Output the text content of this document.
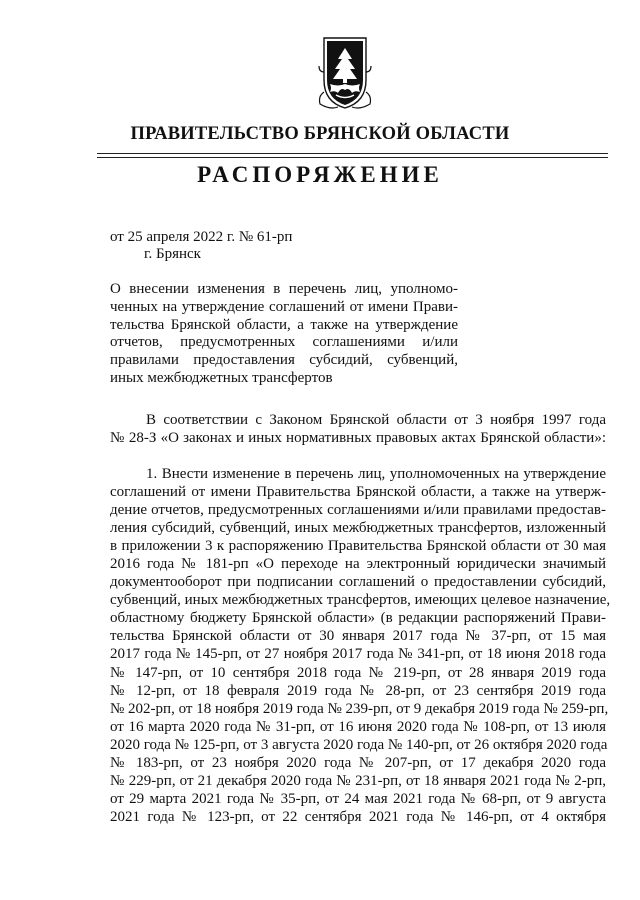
ПРАВИТЕЛЬСТВО БРЯНСКОЙ ОБЛАСТИ
РАСПОРЯЖЕНИЕ
от 25 апреля 2022 г. № 61-рп
г. Брянск
О внесении изменения в перечень лиц, уполномо-
ченных на утверждение соглашений от имени Прави-
тельства Брянской области, а также на утверждение
отчетов, предусмотренных соглашениями и/или
правилами предоставления субсидий, субвенций,
иных межбюджетных трансфертов
В соответствии с Законом Брянской области от 3 ноября 1997 года
№ 28-З «О законах и иных нормативных правовых актах Брянской области»:
1. Внести изменение в перечень лиц, уполномоченных на утверждение
соглашений от имени Правительства Брянской области, а также на утверж-
дение отчетов, предусмотренных соглашениями и/или правилами предостав-
ления субсидий, субвенций, иных межбюджетных трансфертов, изложенный
в приложении 3 к распоряжению Правительства Брянской области от 30 мая
2016 года № 181-рп «О переходе на электронный юридически значимый
документооборот при подписании соглашений о предоставлении субсидий,
субвенций, иных межбюджетных трансфертов, имеющих целевое назначение,
областному бюджету Брянской области» (в редакции распоряжений Прави-
тельства Брянской области от 30 января 2017 года № 37-рп, от 15 мая
2017 года № 145-рп, от 27 ноября 2017 года № 341-рп, от 18 июня 2018 года
№ 147-рп, от 10 сентября 2018 года № 219-рп, от 28 января 2019 года
№ 12-рп, от 18 февраля 2019 года № 28-рп, от 23 сентября 2019 года
№ 202-рп, от 18 ноября 2019 года № 239-рп, от 9 декабря 2019 года № 259-рп,
от 16 марта 2020 года № 31-рп, от 16 июня 2020 года № 108-рп, от 13 июля
2020 года № 125-рп, от 3 августа 2020 года № 140-рп, от 26 октября 2020 года
№ 183-рп, от 23 ноября 2020 года № 207-рп, от 17 декабря 2020 года
№ 229-рп, от 21 декабря 2020 года № 231-рп, от 18 января 2021 года № 2-рп,
от 29 марта 2021 года № 35-рп, от 24 мая 2021 года № 68-рп, от 9 августа
2021 года № 123-рп, от 22 сентября 2021 года № 146-рп, от 4 октября
